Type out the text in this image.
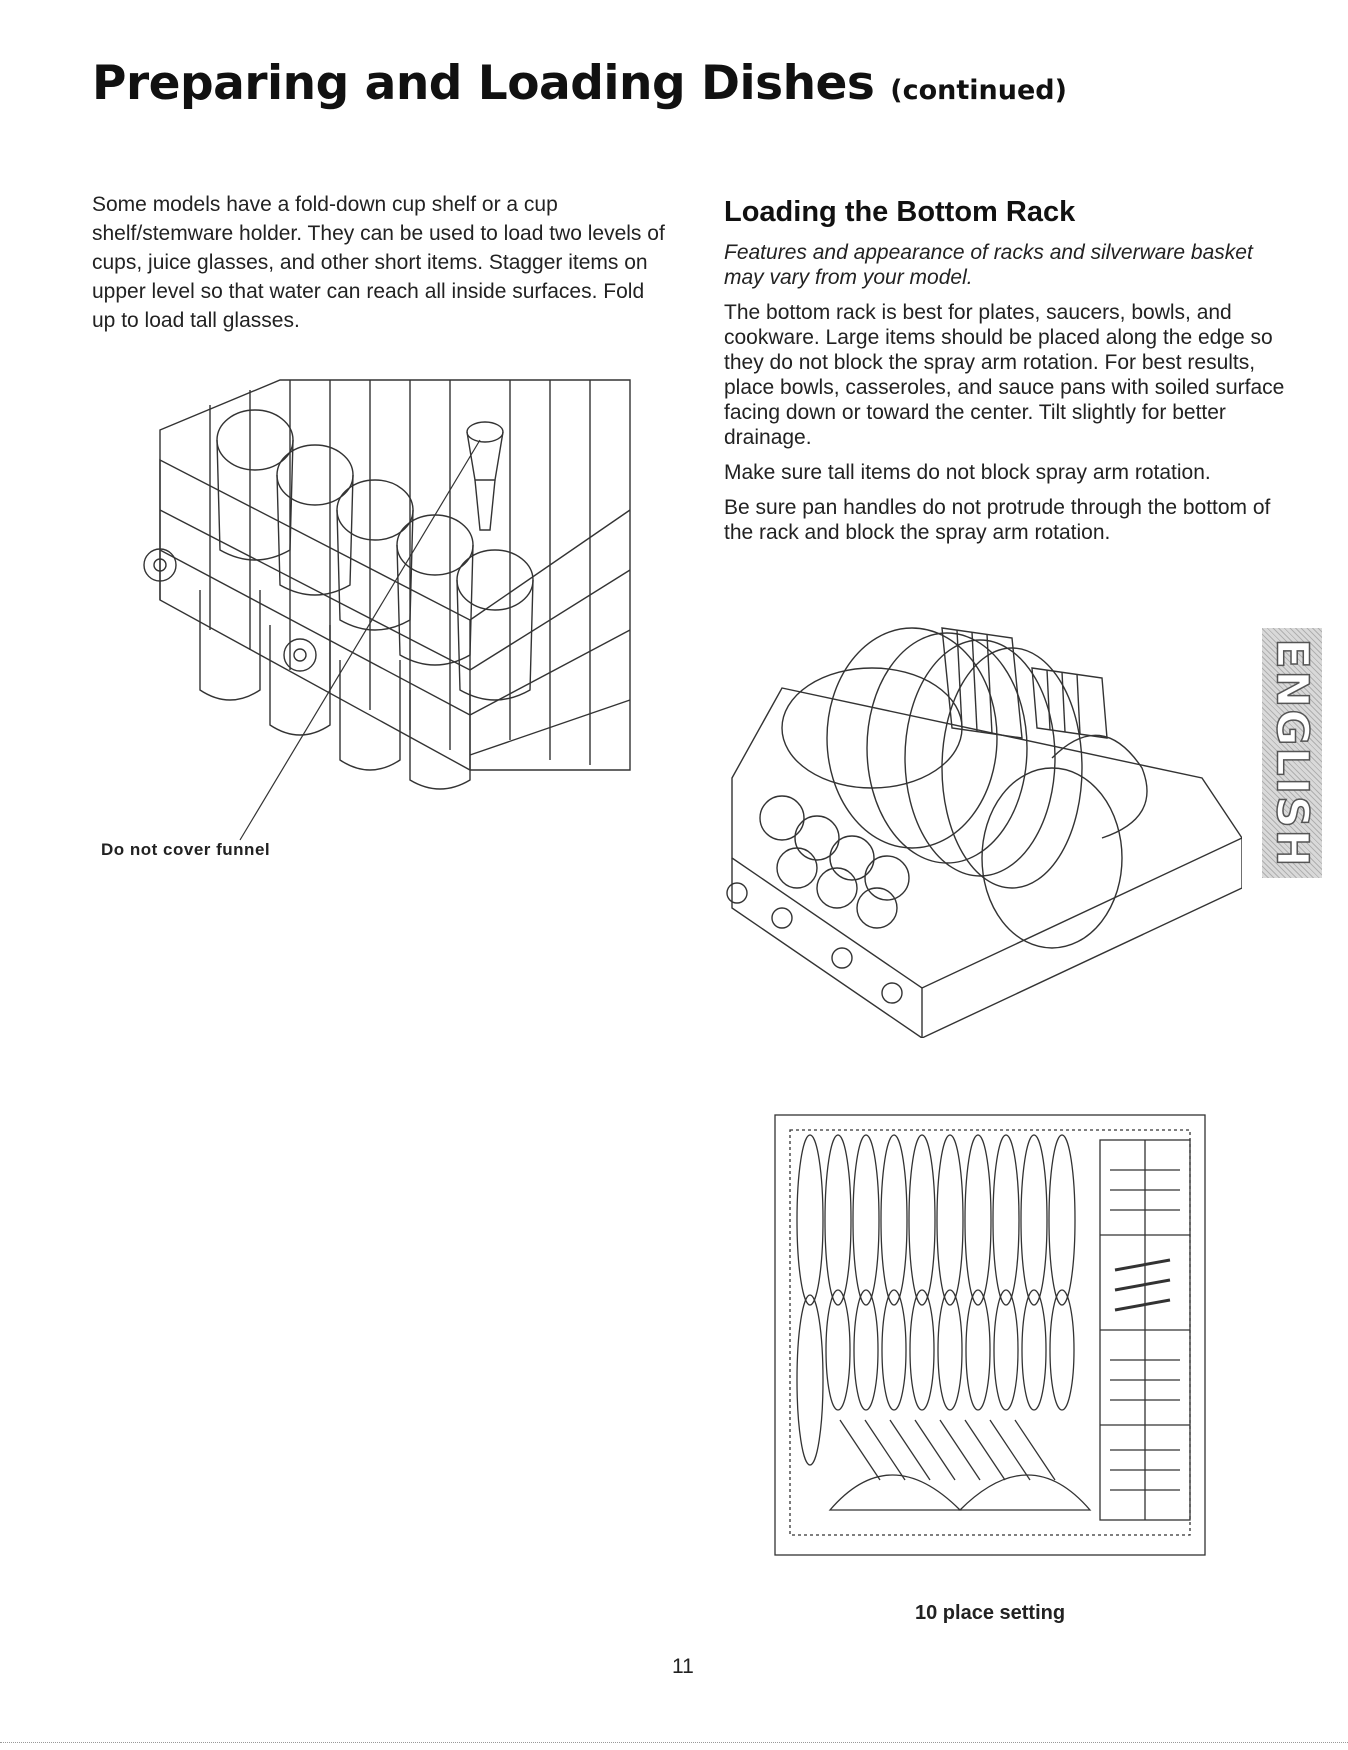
Preparing and Loading Dishes (continued)

Some models have a fold-down cup shelf or a cup shelf/stemware holder. They can be used to load two levels of cups, juice glasses, and other short items. Stagger items on upper level so that water can reach all inside surfaces. Fold up to load tall glasses.

Do not cover funnel

Loading the Bottom Rack

Features and appearance of racks and silverware basket may vary from your model.

The bottom rack is best for plates, saucers, bowls, and cookware. Large items should be placed along the edge so they do not block the spray arm rotation. For best results, place bowls, casseroles, and sauce pans with soiled surface facing down or toward the center. Tilt slightly for better drainage.

Make sure tall items do not block spray arm rotation.

Be sure pan handles do not protrude through the bottom of the rack and block the spray arm rotation.

ENGLISH

10 place setting

11
